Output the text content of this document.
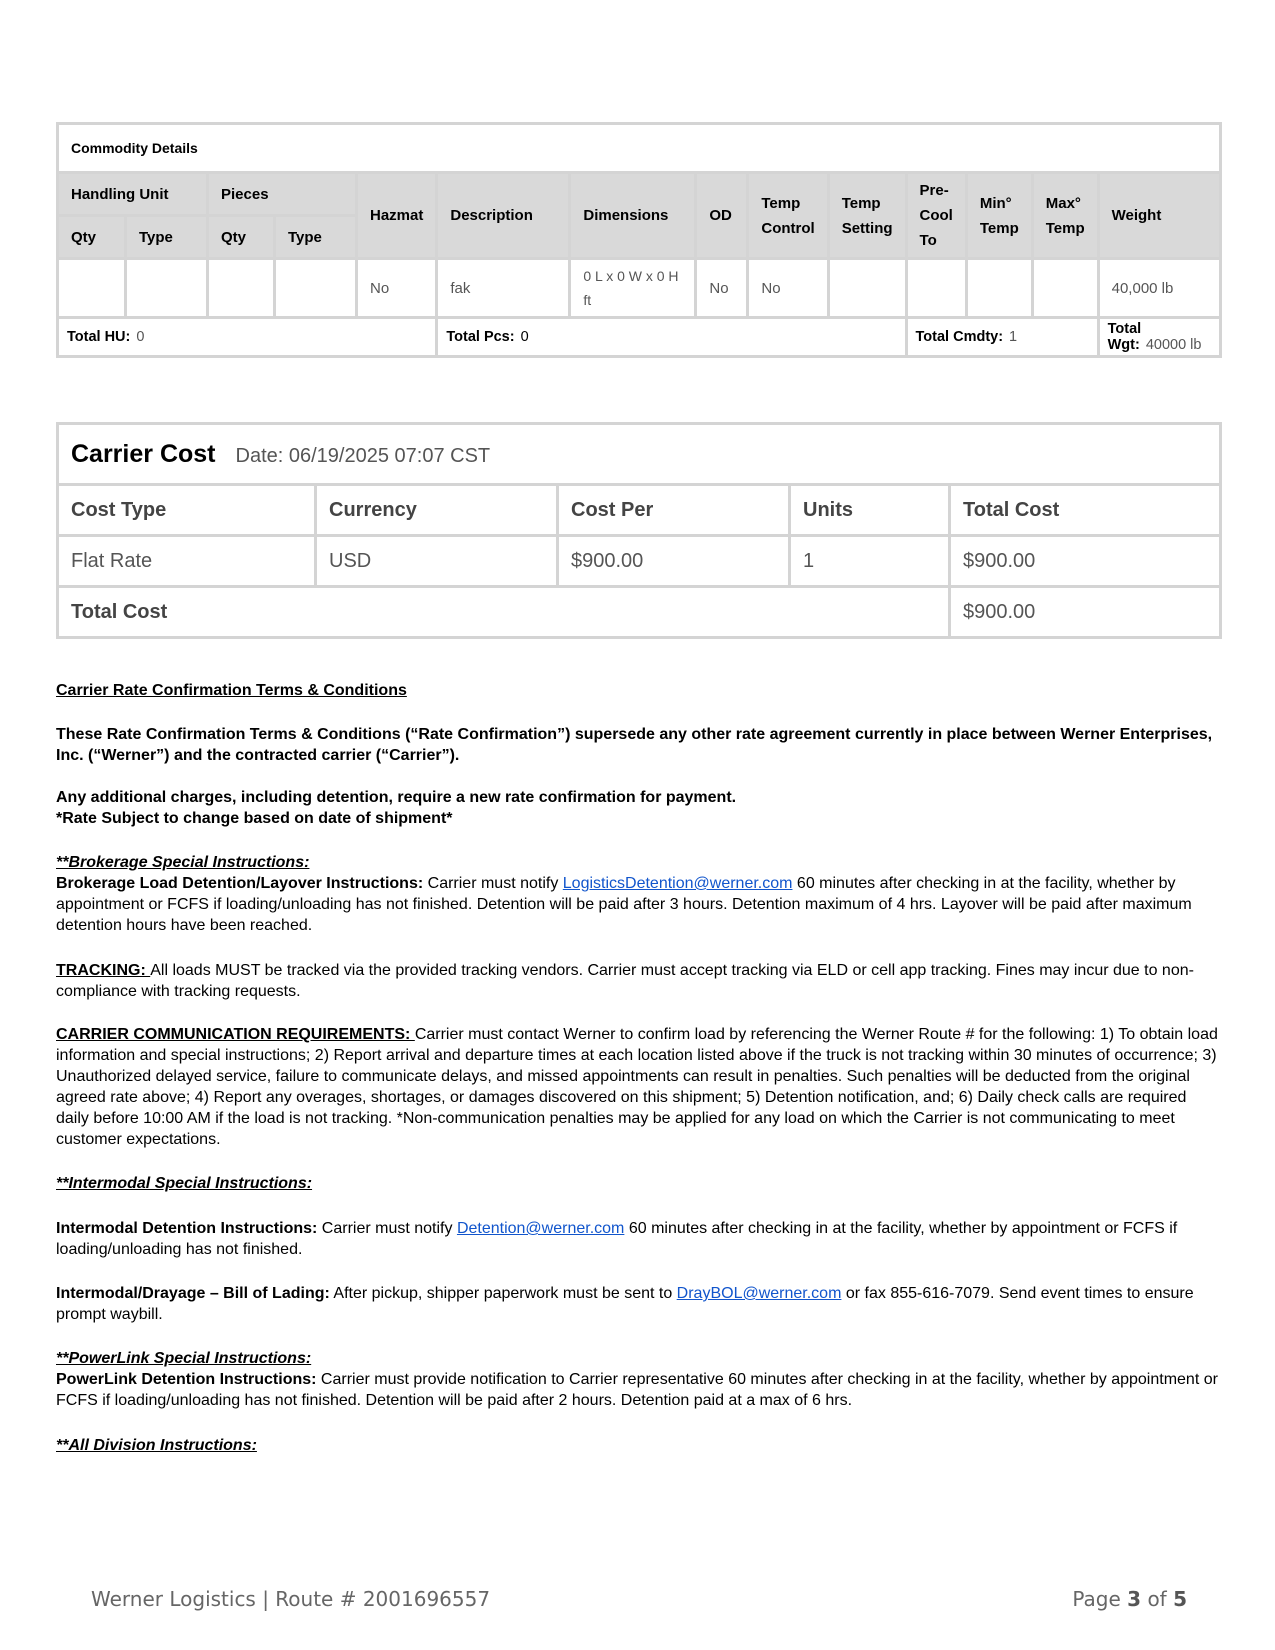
Commodity Details													
Handling Unit		Pieces		Hazmat	Description	Dimensions	OD	Temp Control	Temp Setting	Pre-Cool To	Min° Temp	Max° Temp	Weight
Qty	Type	Qty	Type										
				No	fak	0 L x 0 W x 0 H ft	No	No					40,000 lb
Total HU: 0					Total Pcs: 0					Total Cmdty: 1			Total Wgt: 40000 lb
Carrier Cost Date: 06/19/2025 07:07 CST				
Cost Type	Currency	Cost Per	Units	Total Cost
Flat Rate	USD	$900.00	1	$900.00
Total Cost				$900.00

Carrier Rate Confirmation Terms & Conditions

These Rate Confirmation Terms & Conditions (“Rate Confirmation”) supersede any other rate agreement currently in place between Werner Enterprises, Inc. (“Werner”) and the contracted carrier (“Carrier”).

Any additional charges, including detention, require a new rate confirmation for payment.

*Rate Subject to change based on date of shipment*

**Brokerage Special Instructions:

Brokerage Load Detention/Layover Instructions: Carrier must notify LogisticsDetention@werner.com 60 minutes after checking in at the facility, whether by appointment or FCFS if loading/unloading has not finished. Detention will be paid after 3 hours. Detention maximum of 4 hrs. Layover will be paid after maximum detention hours have been reached.

TRACKING: All loads MUST be tracked via the provided tracking vendors. Carrier must accept tracking via ELD or cell app tracking. Fines may incur due to non-compliance with tracking requests.

CARRIER COMMUNICATION REQUIREMENTS: Carrier must contact Werner to confirm load by referencing the Werner Route # for the following: 1) To obtain load information and special instructions; 2) Report arrival and departure times at each location listed above if the truck is not tracking within 30 minutes of occurrence; 3) Unauthorized delayed service, failure to communicate delays, and missed appointments can result in penalties. Such penalties will be deducted from the original agreed rate above; 4) Report any overages, shortages, or damages discovered on this shipment; 5) Detention notification, and; 6) Daily check calls are required daily before 10:00 AM if the load is not tracking. *Non-communication penalties may be applied for any load on which the Carrier is not communicating to meet customer expectations.

**Intermodal Special Instructions:

Intermodal Detention Instructions: Carrier must notify Detention@werner.com 60 minutes after checking in at the facility, whether by appointment or FCFS if loading/unloading has not finished.

Intermodal/Drayage – Bill of Lading: After pickup, shipper paperwork must be sent to DrayBOL@werner.com or fax 855-616-7079. Send event times to ensure prompt waybill.

**PowerLink Special Instructions:

PowerLink Detention Instructions: Carrier must provide notification to Carrier representative 60 minutes after checking in at the facility, whether by appointment or FCFS if loading/unloading has not finished. Detention will be paid after 2 hours. Detention paid at a max of 6 hrs.

**All Division Instructions:

Werner Logistics | Route # 2001696557	Page 3 of 5
